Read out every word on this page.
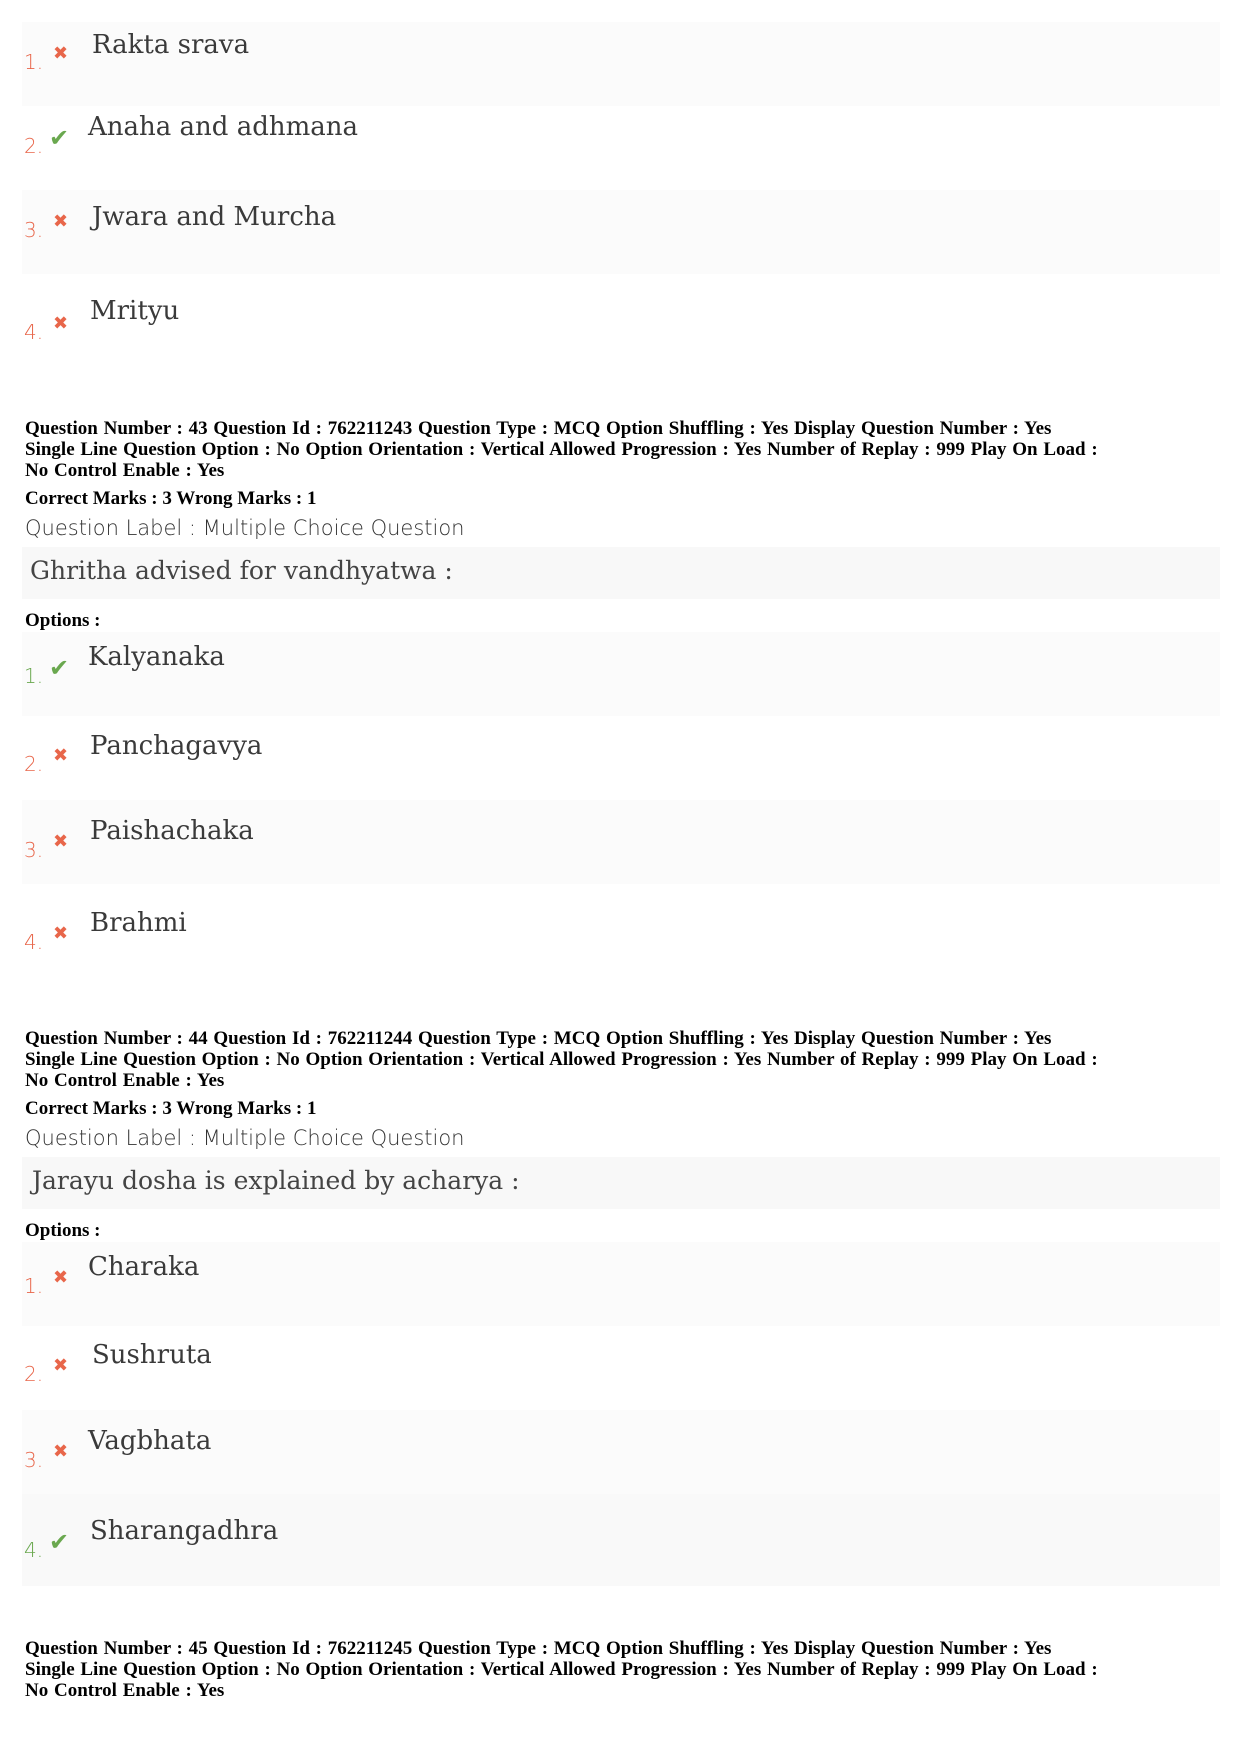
1. ✖ Rakta srava
2. ✔ Anaha and adhmana
3. ✖ Jwara and Murcha
4. ✖ Mrityu
Question Number : 43 Question Id : 762211243 Question Type : MCQ Option Shuffling : Yes Display Question Number : Yes
Single Line Question Option : No Option Orientation : Vertical Allowed Progression : Yes Number of Replay : 999 Play On Load :
No Control Enable : Yes
Correct Marks : 3 Wrong Marks : 1
Question Label : Multiple Choice Question
Ghritha advised for vandhyatwa :
Options :
1. ✔ Kalyanaka
2. ✖ Panchagavya
3. ✖ Paishachaka
4. ✖ Brahmi
Question Number : 44 Question Id : 762211244 Question Type : MCQ Option Shuffling : Yes Display Question Number : Yes
Single Line Question Option : No Option Orientation : Vertical Allowed Progression : Yes Number of Replay : 999 Play On Load :
No Control Enable : Yes
Correct Marks : 3 Wrong Marks : 1
Question Label : Multiple Choice Question
Jarayu dosha is explained by acharya :
Options :
1. ✖ Charaka
2. ✖ Sushruta
3. ✖ Vagbhata
4. ✔ Sharangadhra
Question Number : 45 Question Id : 762211245 Question Type : MCQ Option Shuffling : Yes Display Question Number : Yes
Single Line Question Option : No Option Orientation : Vertical Allowed Progression : Yes Number of Replay : 999 Play On Load :
No Control Enable : Yes
